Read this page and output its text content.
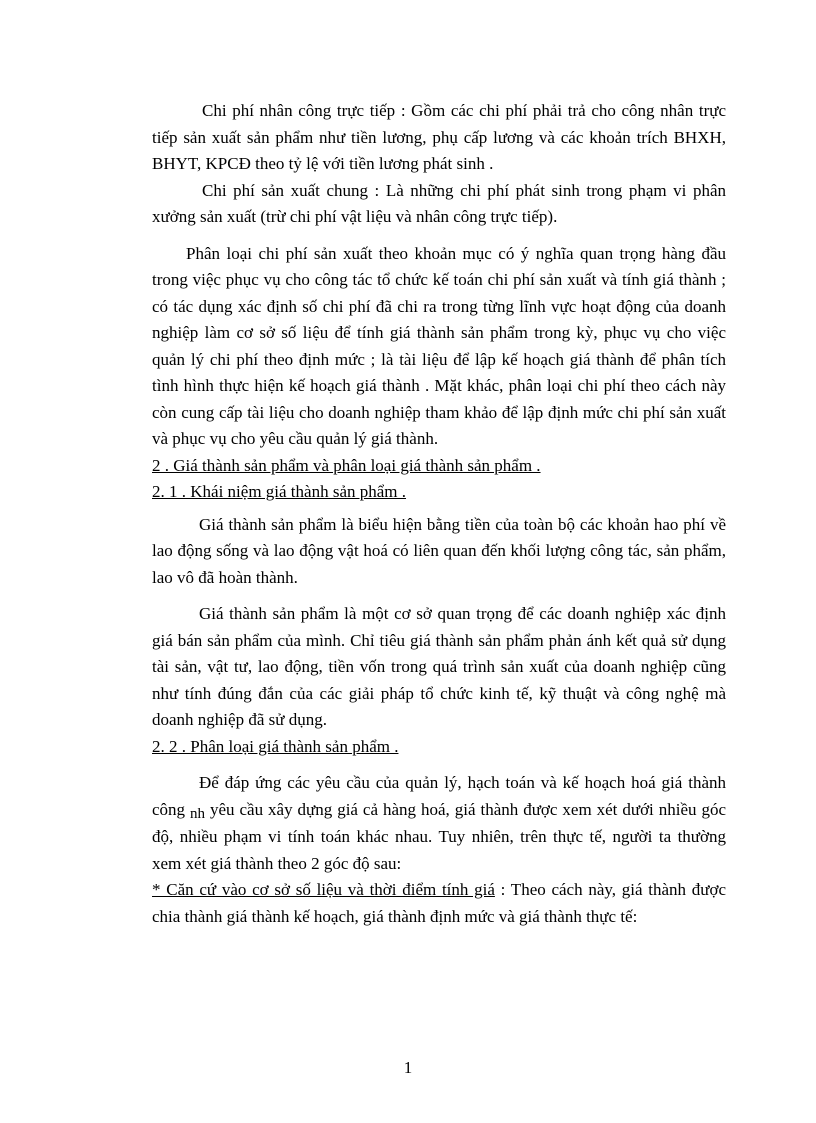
Chi phí nhân công trực tiếp : Gồm các chi phí phải trả cho công nhân trực tiếp sản xuất sản phẩm như tiền lương, phụ cấp lương và các khoản trích BHXH, BHYT, KPCĐ theo tỷ lệ với tiền lương phát sinh .

Chi phí sản xuất chung : Là những chi phí phát sinh trong phạm vi phân xưởng sản xuất (trừ chi phí vật liệu và nhân công trực tiếp).

Phân loại chi phí sản xuất theo khoản mục có ý nghĩa quan trọng hàng đầu trong việc phục vụ cho công tác tổ chức kế toán chi phí sản xuất và tính giá thành ; có tác dụng xác định số chi phí đã chi ra trong từng lĩnh vực hoạt động của doanh nghiệp làm cơ sở số liệu để tính giá thành sản phẩm trong kỳ, phục vụ cho việc quản lý chi phí theo định mức ; là tài liệu để lập kế hoạch giá thành để phân tích tình hình thực hiện kế hoạch giá thành . Mặt khác, phân loại chi phí theo cách này còn cung cấp tài liệu cho doanh nghiệp tham khảo để lập định mức chi phí sản xuất và phục vụ cho yêu cầu quản lý giá thành.

2 . Giá thành sản phẩm và phân loại giá thành sản phẩm .

2. 1 . Khái niệm giá thành sản phẩm .

Giá thành sản phẩm là biểu hiện bằng tiền của toàn bộ các khoản hao phí về lao động sống và lao động vật hoá có liên quan đến khối lượng công tác, sản phẩm, lao vô đã hoàn thành.

Giá thành sản phẩm là một cơ sở quan trọng để các doanh nghiệp xác định giá bán sản phẩm của mình. Chỉ tiêu giá thành sản phẩm phản ánh kết quả sử dụng tài sản, vật tư, lao động, tiền vốn trong quá trình sản xuất của doanh nghiệp cũng như tính đúng đắn của các giải pháp tổ chức kinh tế, kỹ thuật và công nghệ mà doanh nghiệp đã sử dụng.

2. 2 . Phân loại giá thành sản phẩm .

Để đáp ứng các yêu cầu của quản lý, hạch toán và kế hoạch hoá giá thành công nh yêu cầu xây dựng giá cả hàng hoá, giá thành được xem xét dưới nhiều góc độ, nhiều phạm vi tính toán khác nhau. Tuy nhiên, trên thực tế, người ta thường xem xét giá thành theo 2 góc độ sau:

* Căn cứ vào cơ sở số liệu và thời điểm tính giá : Theo cách này, giá thành được chia thành giá thành kế hoạch, giá thành định mức và giá thành thực tế:

1
